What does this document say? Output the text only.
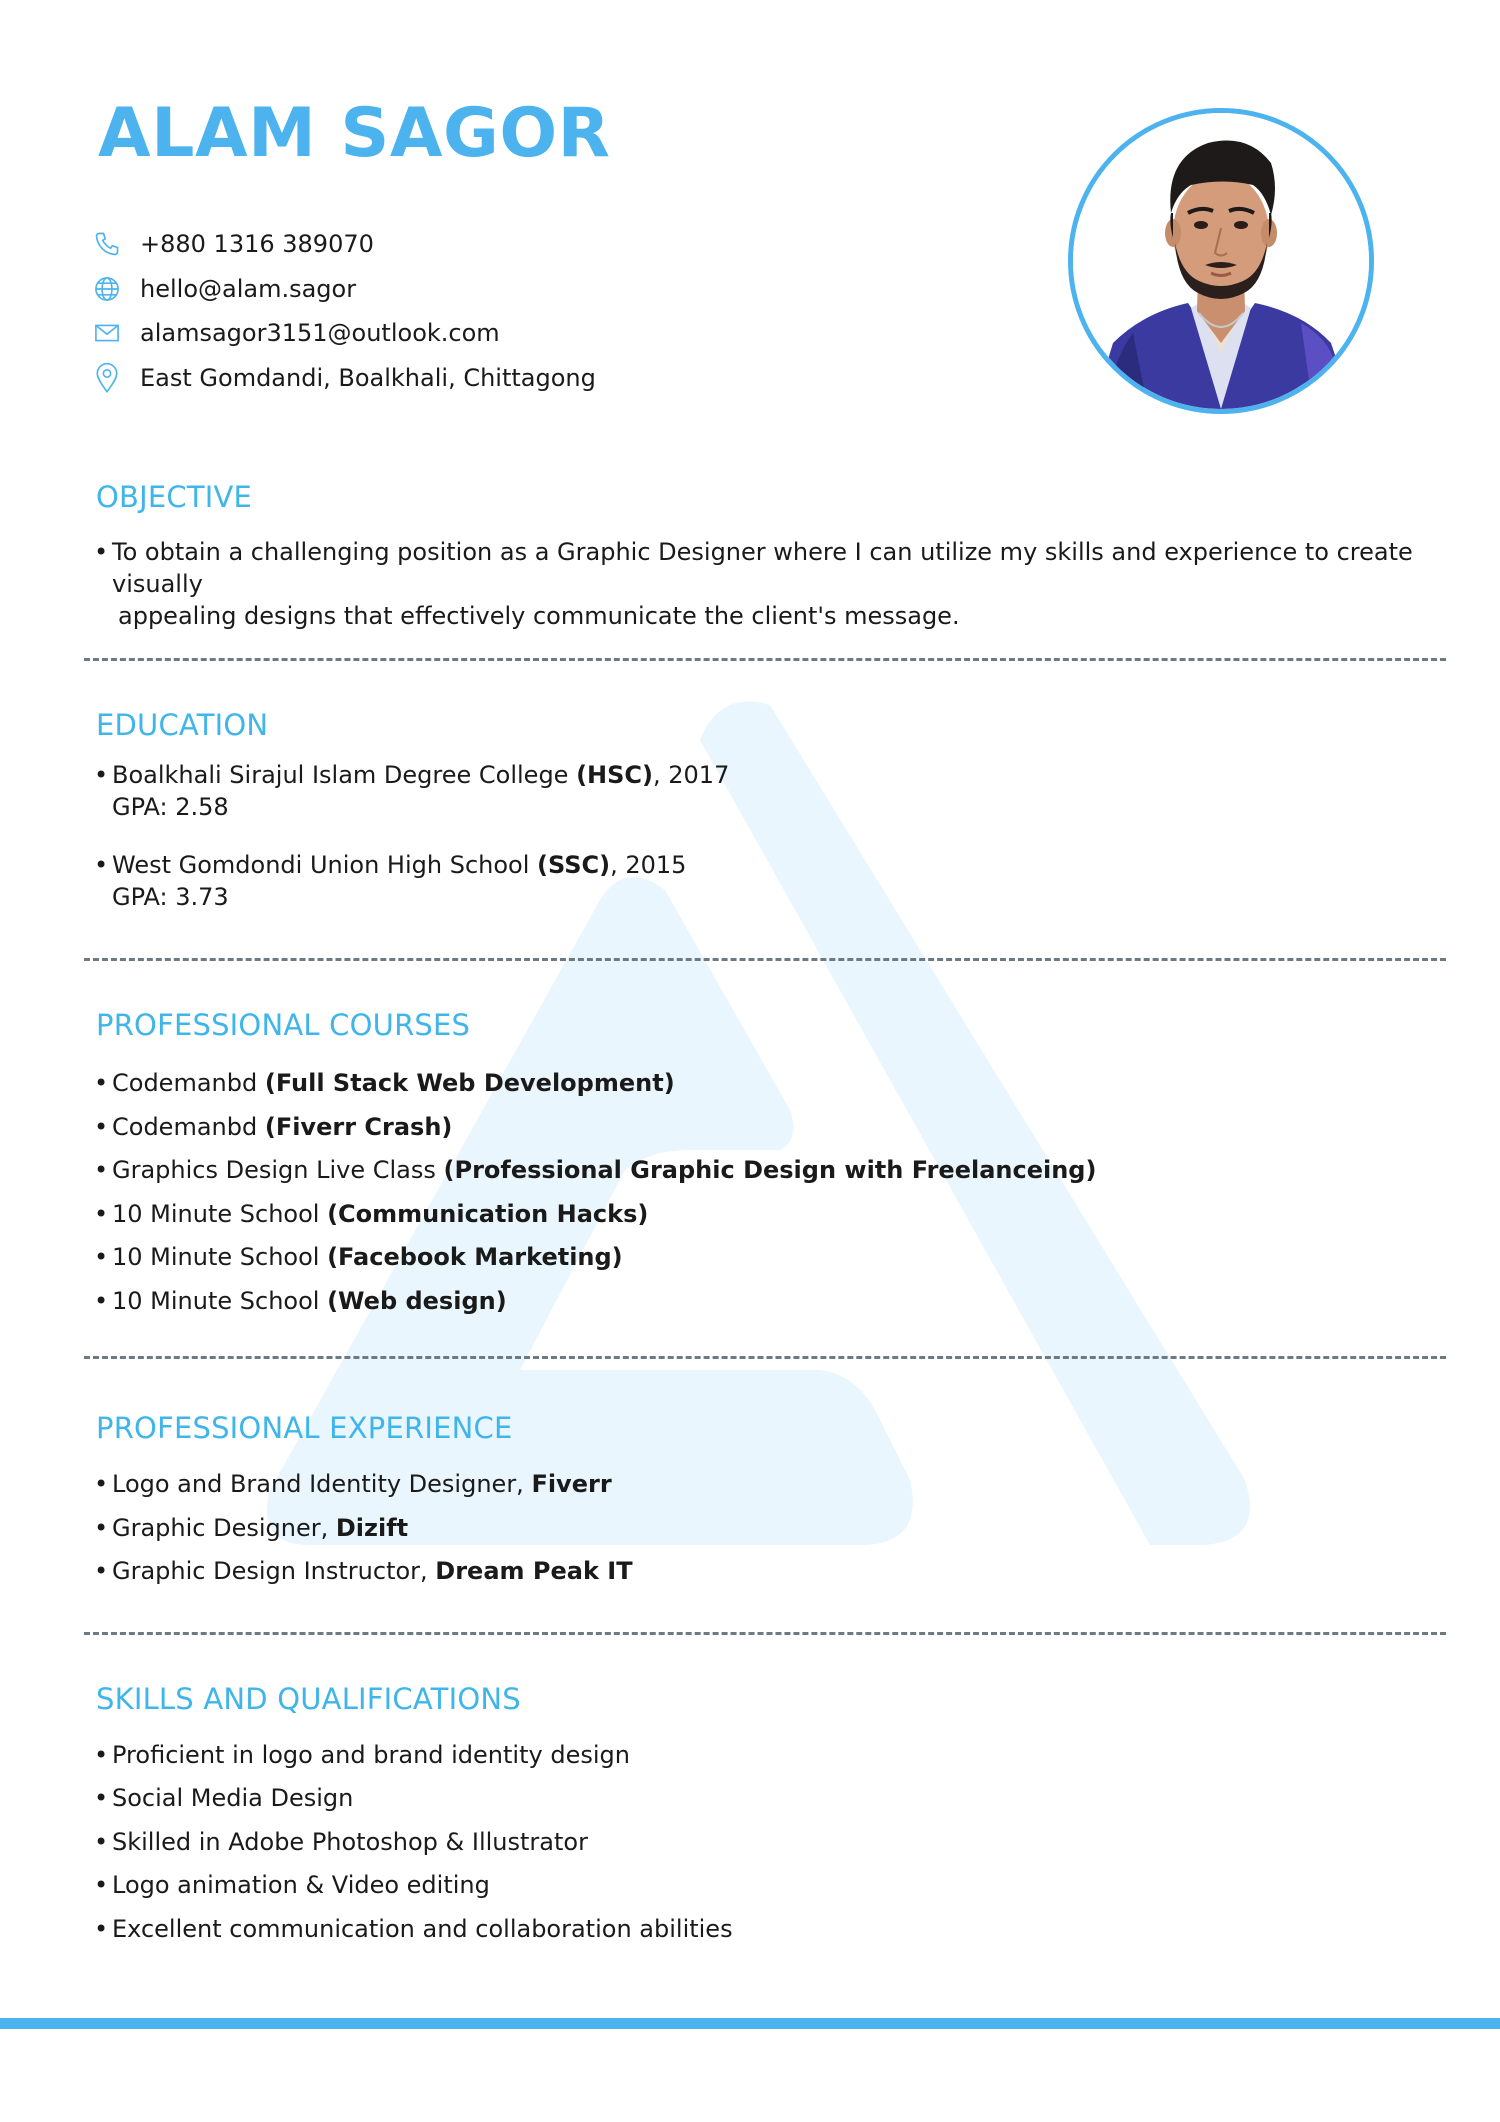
ALAM SAGOR
+880 1316 389070
hello@alam.sagor
alamsagor3151@outlook.com
East Gomdandi, Boalkhali, Chittagong
OBJECTIVE
• To obtain a challenging position as a Graphic Designer where I can utilize my skills and experience to create visually
appealing designs that effectively communicate the client's message.
EDUCATION
• Boalkhali Sirajul Islam Degree College (HSC), 2017
GPA: 2.58
• West Gomdondi Union High School (SSC), 2015
GPA: 3.73
PROFESSIONAL COURSES
• Codemanbd (Full Stack Web Development)
• Codemanbd (Fiverr Crash)
• Graphics Design Live Class (Professional Graphic Design with Freelanceing)
• 10 Minute School (Communication Hacks)
• 10 Minute School (Facebook Marketing)
• 10 Minute School (Web design)
PROFESSIONAL EXPERIENCE
• Logo and Brand Identity Designer, Fiverr
• Graphic Designer, Dizift
• Graphic Design Instructor, Dream Peak IT
SKILLS AND QUALIFICATIONS
• Proficient in logo and brand identity design
• Social Media Design
• Skilled in Adobe Photoshop & Illustrator
• Logo animation & Video editing
• Excellent communication and collaboration abilities
